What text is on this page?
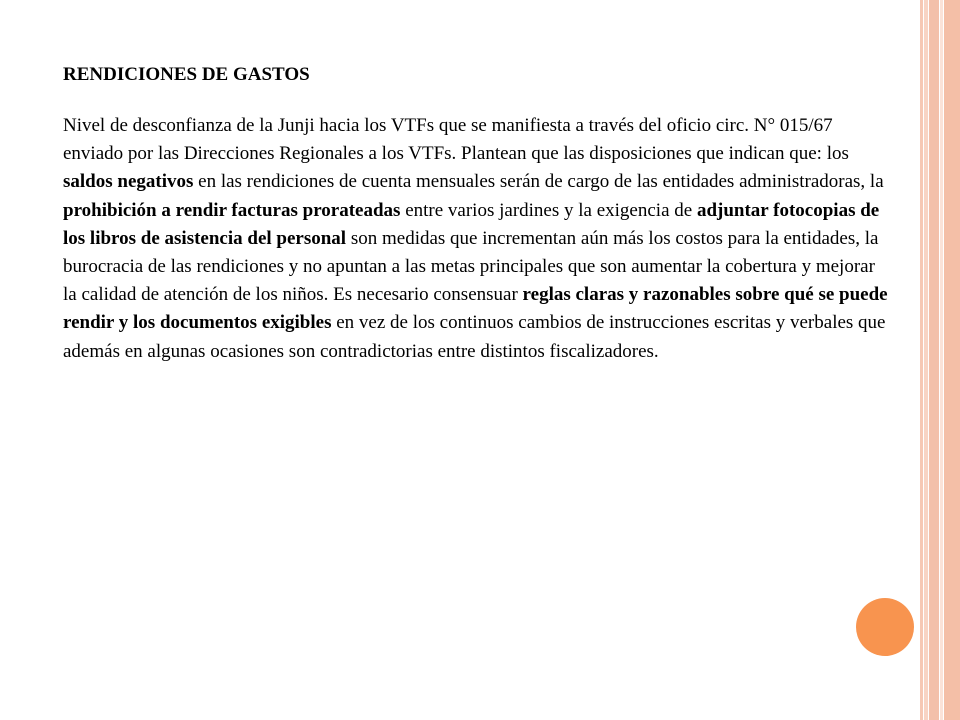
RENDICIONES DE GASTOS

Nivel de desconfianza de la Junji hacia los VTFs que se manifiesta a través del oficio circ. N° 015/67 enviado por las Direcciones Regionales a los VTFs. Plantean que las disposiciones que indican que: los saldos negativos en las rendiciones de cuenta mensuales serán de cargo de las entidades administradoras, la prohibición a rendir facturas prorateadas entre varios jardines y la exigencia de adjuntar fotocopias de los libros de asistencia del personal son medidas que incrementan aún más los costos para la entidades, la burocracia de las rendiciones y no apuntan a las metas principales que son aumentar la cobertura y mejorar la calidad de atención de los niños. Es necesario consensuar reglas claras y razonables sobre qué se puede rendir y los documentos exigibles en vez de los continuos cambios de instrucciones escritas y verbales que además en algunas ocasiones son contradictorias entre distintos fiscalizadores.
